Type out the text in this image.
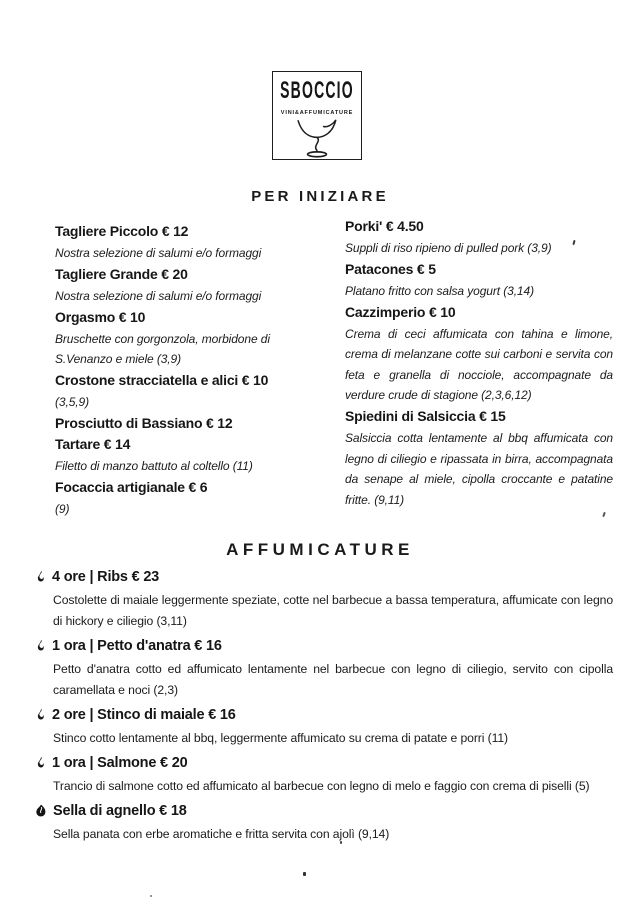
SBOCCIO
VINI&AFFUMICATURE
PER INIZIARE
Tagliere Piccolo € 12
Nostra selezione di salumi e/o formaggi
Tagliere Grande € 20
Nostra selezione di salumi e/o formaggi
Orgasmo € 10
Bruschette con gorgonzola, morbidone di S.Venanzo e miele (3,9)
Crostone stracciatella e alici € 10
(3,5,9)
Prosciutto di Bassiano € 12
Tartare € 14
Filetto di manzo battuto al coltello (11)
Focaccia artigianale € 6
(9)
Porki' € 4.50
Suppli di riso ripieno di pulled pork (3,9)
Patacones € 5
Platano fritto con salsa yogurt (3,14)
Cazzimperio € 10
Crema di ceci affumicata con tahina e limone, crema di melanzane cotte sui carboni e servita con feta e granella di nocciole, accompagnate da verdure crude di stagione (2,3,6,12)
Spiedini di Salsiccia € 15
Salsiccia cotta lentamente al bbq affumicata con legno di ciliegio e ripassata in birra, accompagnata da senape al miele, cipolla croccante e patatine fritte. (9,11)
AFFUMICATURE
4 ore | Ribs € 23
Costolette di maiale leggermente speziate, cotte nel barbecue a bassa temperatura, affumicate con legno di hickory e ciliegio (3,11)
1 ora | Petto d'anatra € 16
Petto d'anatra cotto ed affumicato lentamente nel barbecue con legno di ciliegio, servito con cipolla caramellata e noci (2,3)
2 ore | Stinco di maiale € 16
Stinco cotto lentamente al bbq, leggermente affumicato su crema di patate e porri (11)
1 ora | Salmone € 20
Trancio di salmone cotto ed affumicato al barbecue con legno di melo e faggio con crema di piselli (5)
Sella di agnello € 18
Sella panata con erbe aromatiche e fritta servita con ajolì (9,14)
